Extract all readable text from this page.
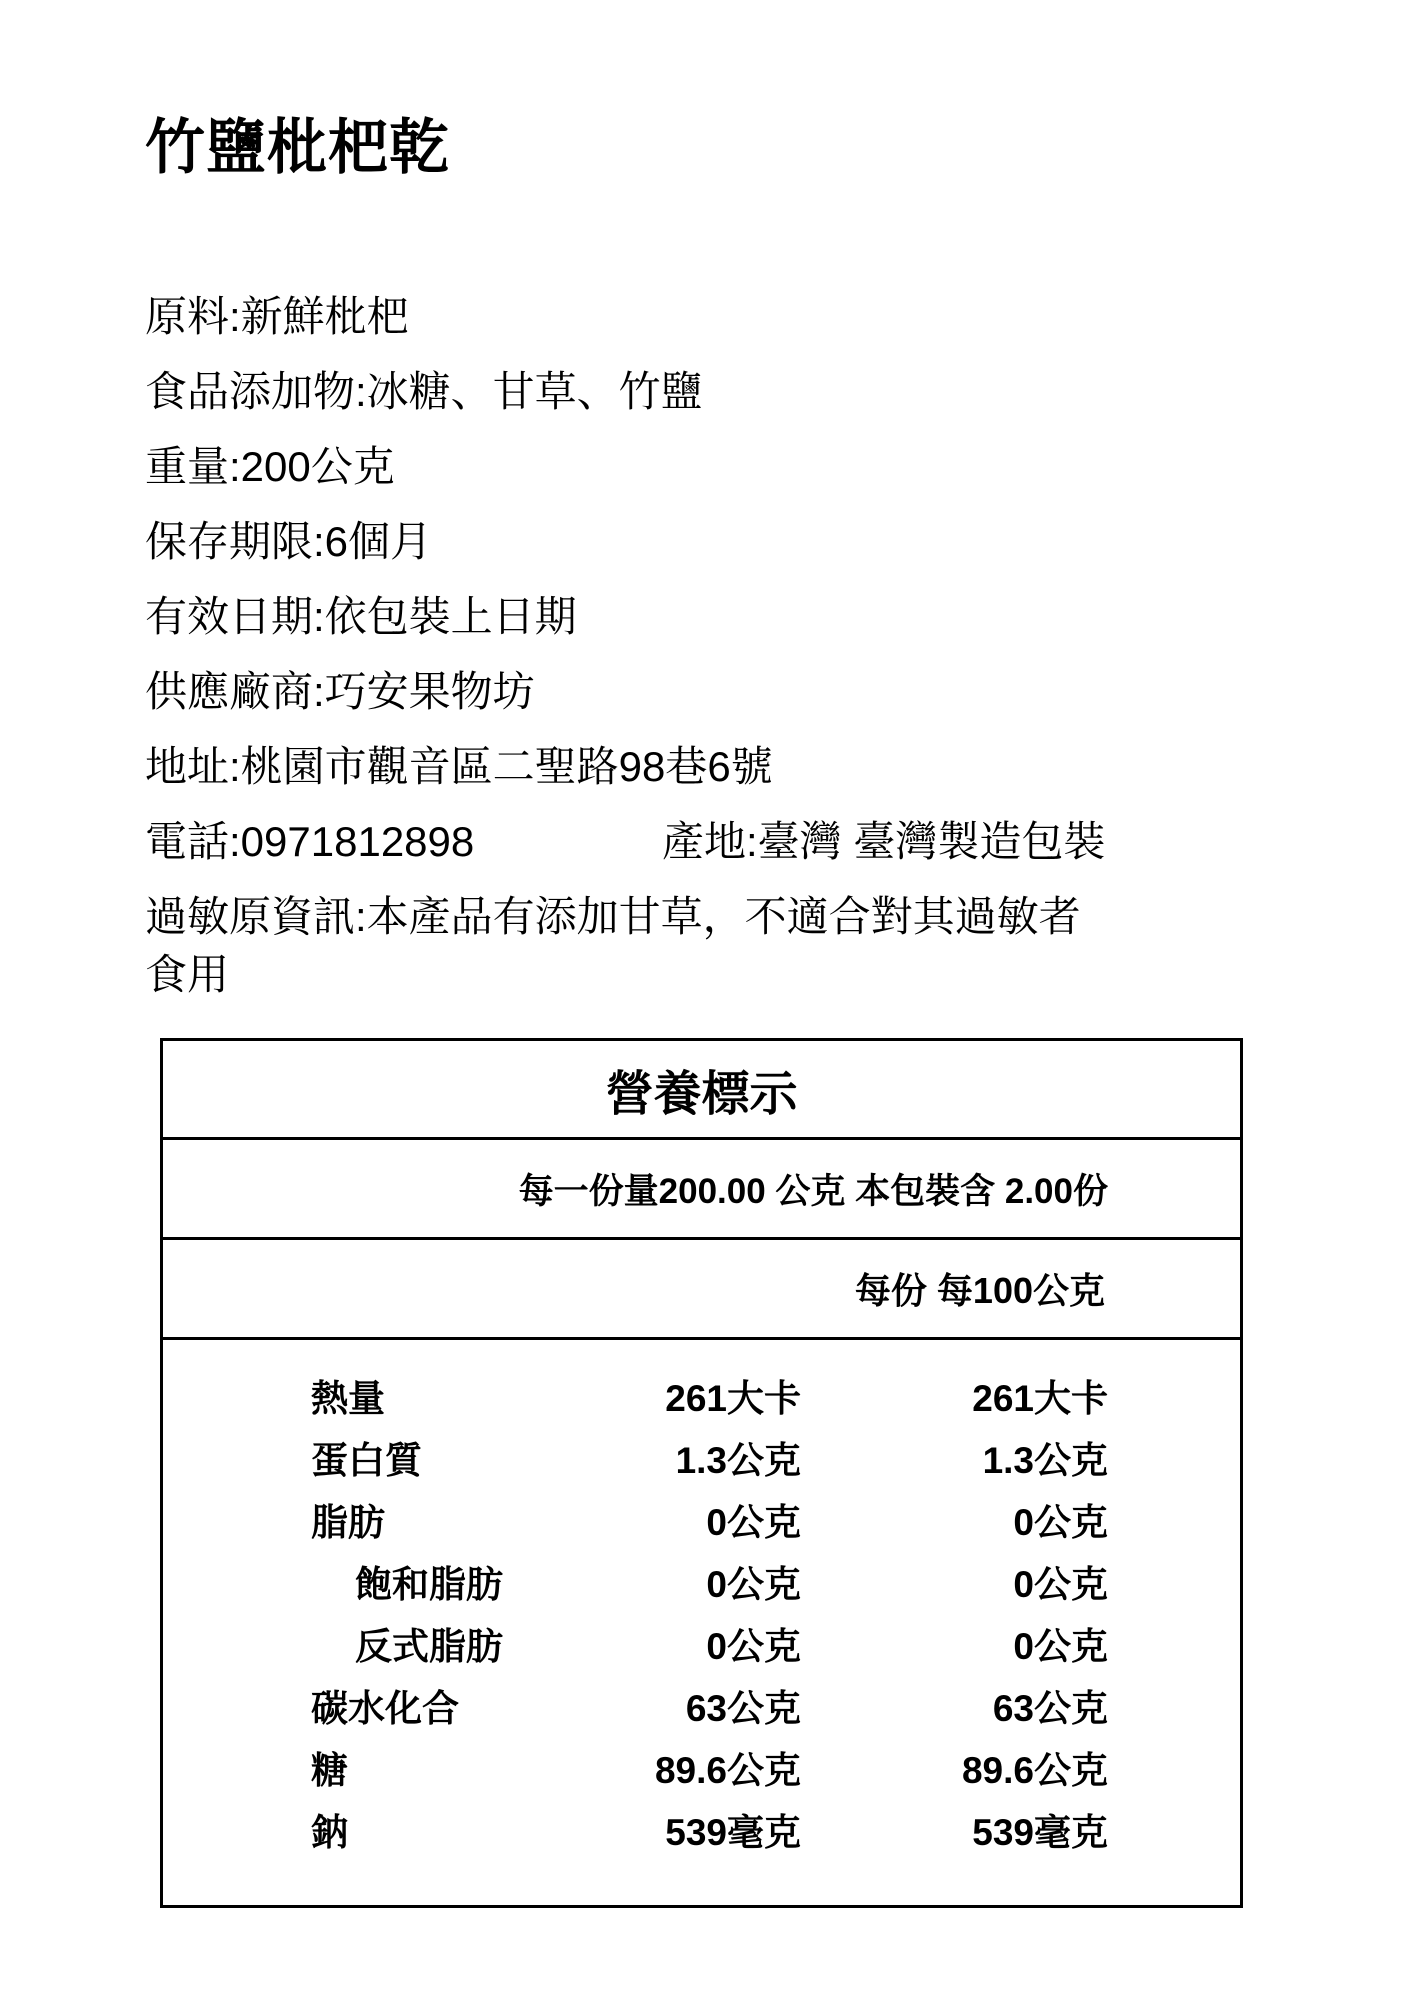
竹鹽枇杷乾

原料:新鮮枇杷

食品添加物:冰糖、甘草、竹鹽

重量:200公克

保存期限:6個月

有效日期:依包裝上日期

供應廠商:巧安果物坊

地址:桃園市觀音區二聖路98巷6號

電話:0971812898	產地:臺灣 臺灣製造包裝

過敏原資訊:本產品有添加甘草，不適合對其過敏者食用

營養標示
每一份量200.00 公克 本包裝含 2.00份
每份 每100公克
熱量	261大卡	261大卡
蛋白質	1.3公克	1.3公克
脂肪	0公克	0公克
飽和脂肪	0公克	0公克
反式脂肪	0公克	0公克
碳水化合	63公克	63公克
糖	89.6公克	89.6公克
鈉	539毫克	539毫克
